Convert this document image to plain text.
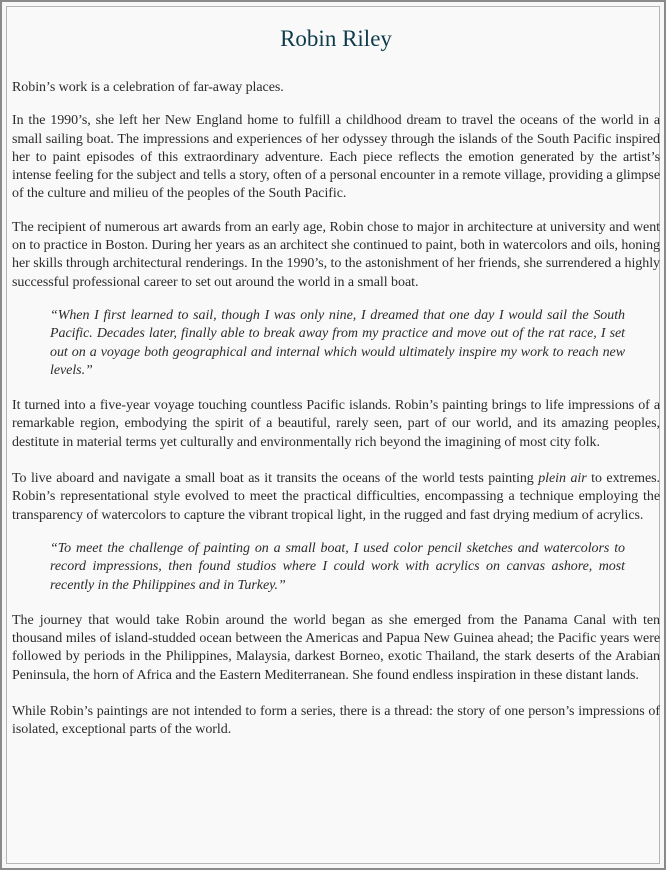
Robin Riley

Robin’s work is a celebration of far-away places.

In the 1990’s, she left her New England home to fulfill a childhood dream to travel the oceans of the world in a small sailing boat. The impressions and experiences of her odyssey through the islands of the South Pacific inspired her to paint episodes of this extraordinary adventure. Each piece reflects the emotion generated by the artist’s intense feeling for the subject and tells a story, often of a personal encounter in a remote village, providing a glimpse of the culture and milieu of the peoples of the South Pacific.

The recipient of numerous art awards from an early age, Robin chose to major in architecture at university and went on to practice in Boston. During her years as an architect she continued to paint, both in watercolors and oils, honing her skills through architectural renderings. In the 1990’s, to the astonishment of her friends, she surrendered a highly successful professional career to set out around the world in a small boat.

“When I first learned to sail, though I was only nine, I dreamed that one day I would sail the South Pacific. Decades later, finally able to break away from my practice and move out of the rat race, I set out on a voyage both geographical and internal which would ultimately inspire my work to reach new levels.”

It turned into a five-year voyage touching countless Pacific islands. Robin’s painting brings to life impressions of a remarkable region, embodying the spirit of a beautiful, rarely seen, part of our world, and its amazing peoples, destitute in material terms yet culturally and environmentally rich beyond the imagining of most city folk.

To live aboard and navigate a small boat as it transits the oceans of the world tests painting plein air to extremes. Robin’s representational style evolved to meet the practical difficulties, encompassing a technique employing the transparency of watercolors to capture the vibrant tropical light, in the rugged and fast drying medium of acrylics.

“To meet the challenge of painting on a small boat, I used color pencil sketches and watercolors to record impressions, then found studios where I could work with acrylics on canvas ashore, most recently in the Philippines and in Turkey.”

The journey that would take Robin around the world began as she emerged from the Panama Canal with ten thousand miles of island-studded ocean between the Americas and Papua New Guinea ahead; the Pacific years were followed by periods in the Philippines, Malaysia, darkest Borneo, exotic Thailand, the stark deserts of the Arabian Peninsula, the horn of Africa and the Eastern Mediterranean. She found endless inspiration in these distant lands.

While Robin’s paintings are not intended to form a series, there is a thread: the story of one person’s impressions of isolated, exceptional parts of the world.
